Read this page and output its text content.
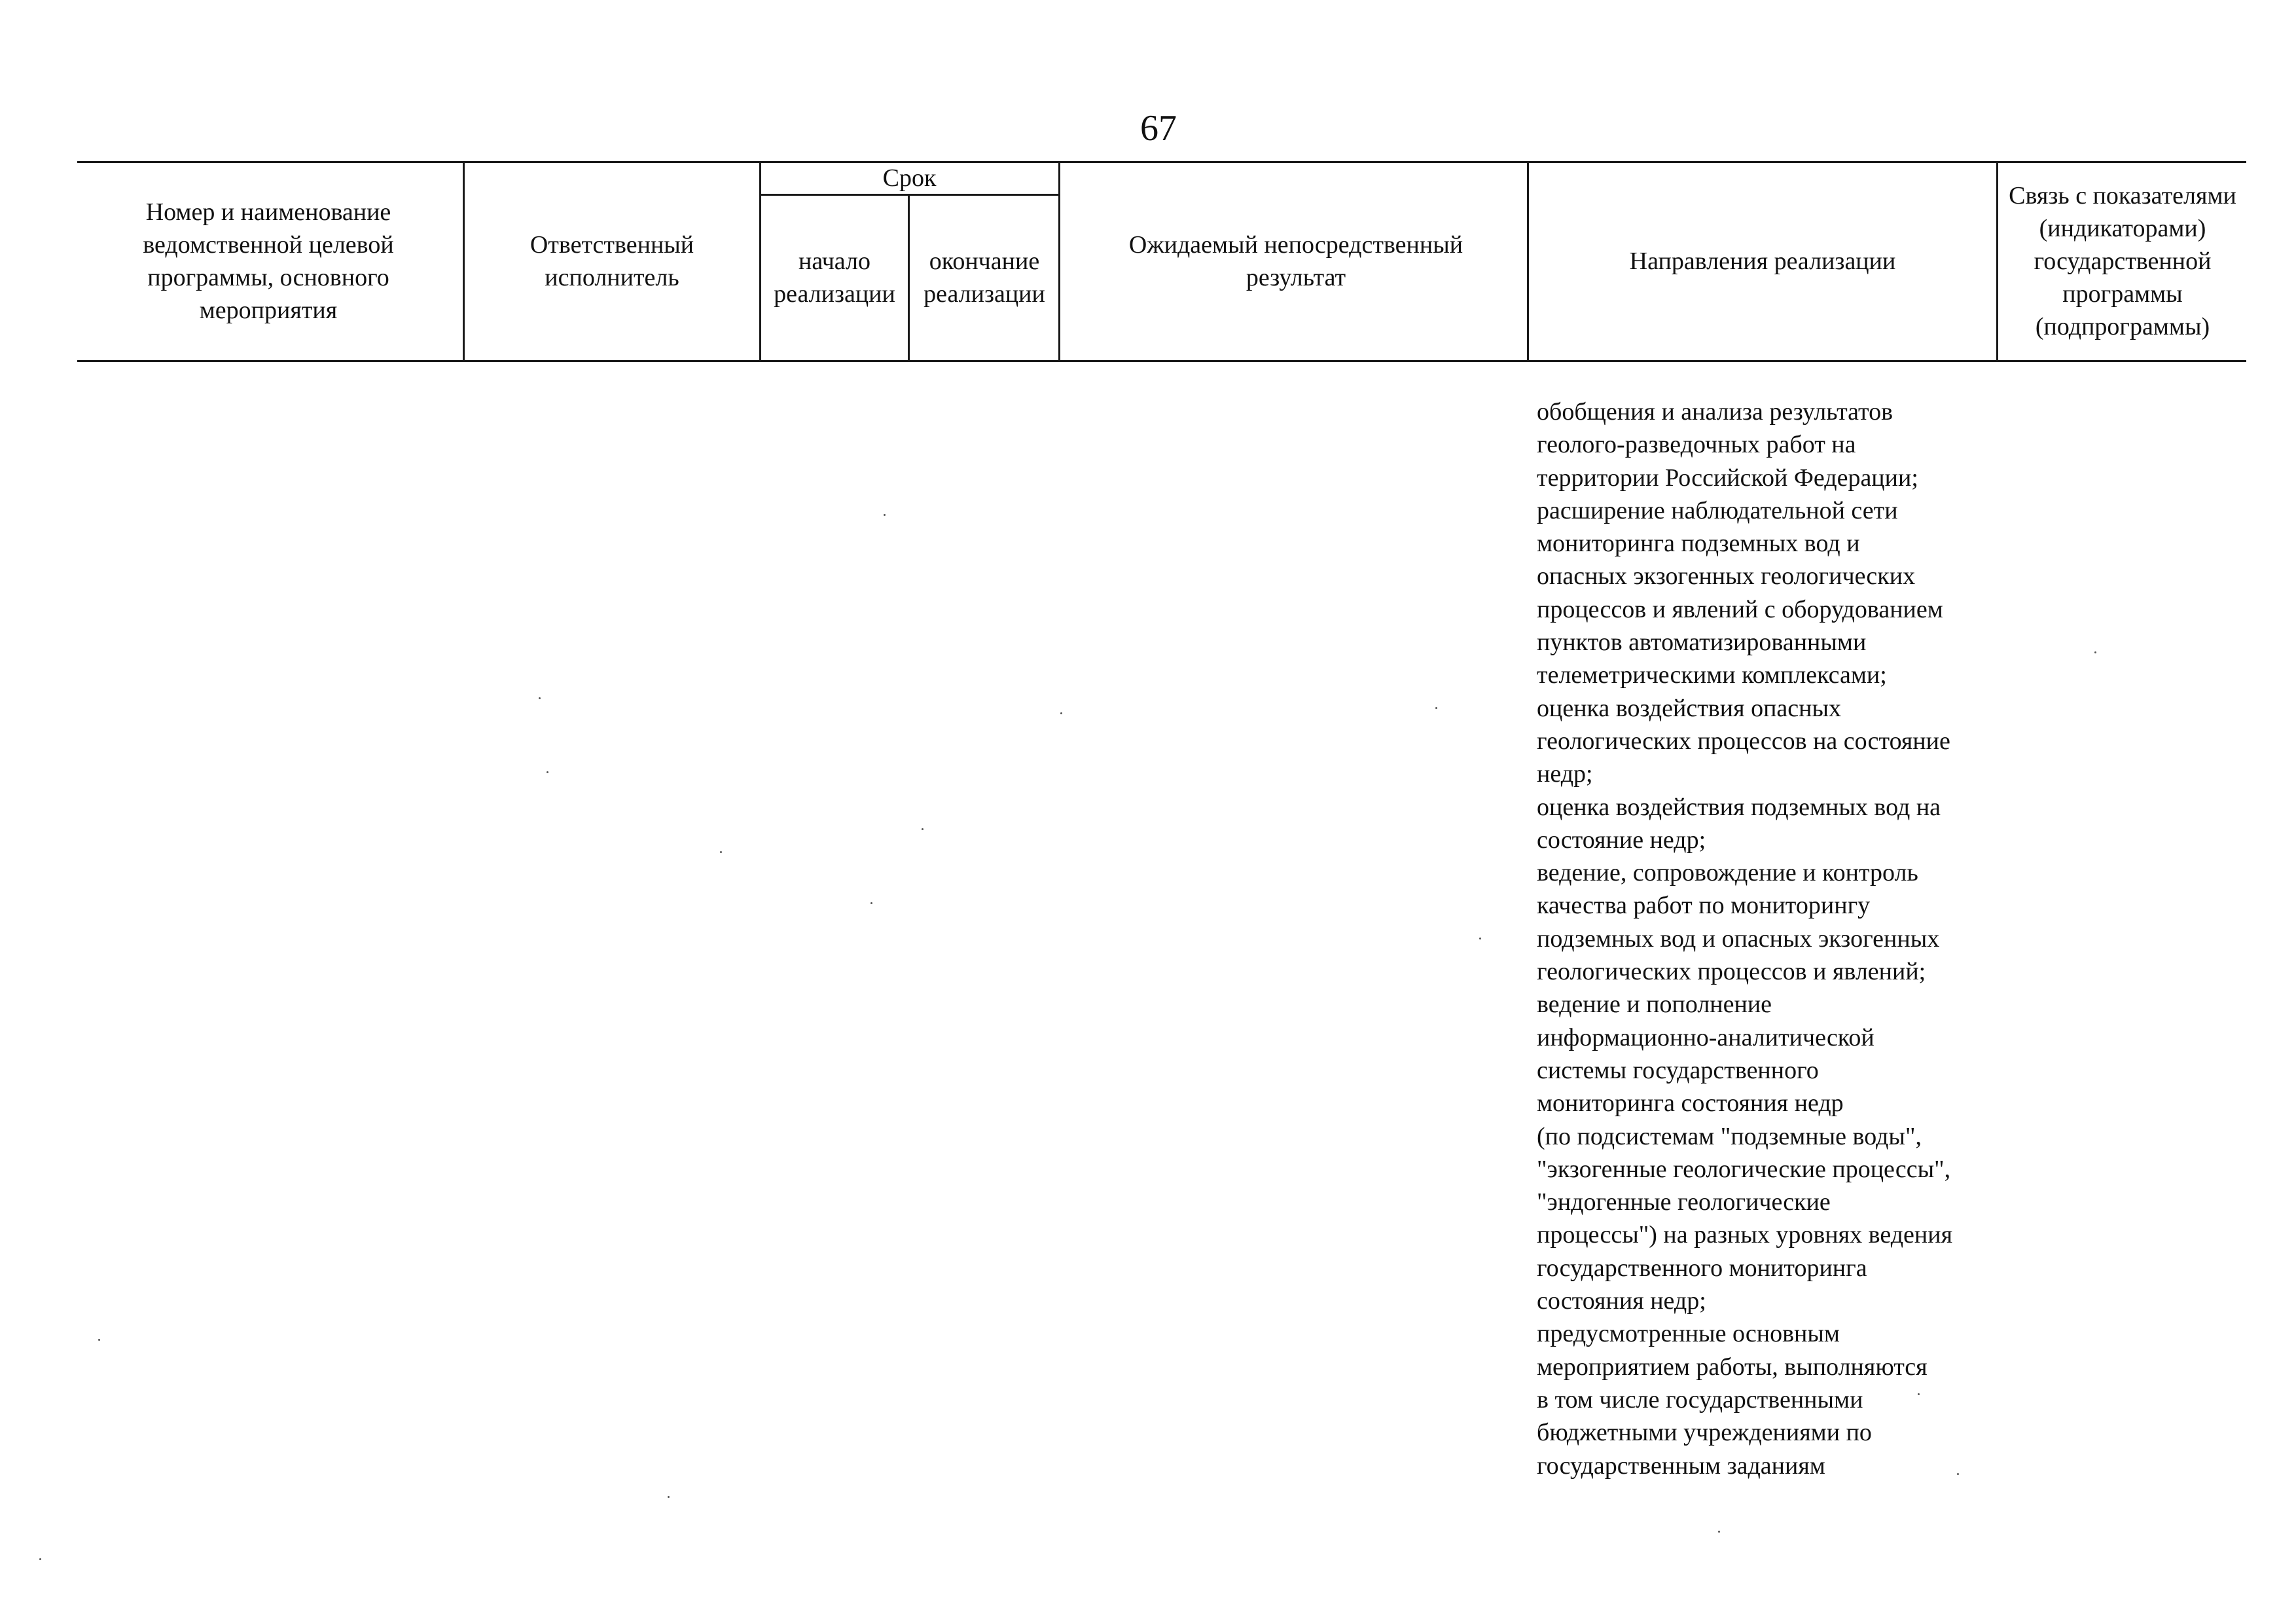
67
Номер и наименование ведомственной целевой программы, основного мероприятия
Ответственный исполнитель
Срок
начало реализации
окончание реализации
Ожидаемый непосредственный результат
Направления реализации
Связь с показателями (индикаторами) государственной программы (подпрограммы)
обобщения и анализа результатов
геолого-разведочных работ на
территории Российской Федерации;
расширение наблюдательной сети
мониторинга подземных вод и
опасных экзогенных геологических
процессов и явлений с оборудованием
пунктов автоматизированными
телеметрическими комплексами;
оценка воздействия опасных
геологических процессов на состояние
недр;
оценка воздействия подземных вод на
состояние недр;
ведение, сопровождение и контроль
качества работ по мониторингу
подземных вод и опасных экзогенных
геологических процессов и явлений;
ведение и пополнение
информационно-аналитической
системы государственного
мониторинга состояния недр
(по подсистемам "подземные воды",
"экзогенные геологические процессы",
"эндогенные геологические
процессы") на разных уровнях ведения
государственного мониторинга
состояния недр;
предусмотренные основным
мероприятием работы, выполняются
в том числе государственными
бюджетными учреждениями по
государственным заданиям
